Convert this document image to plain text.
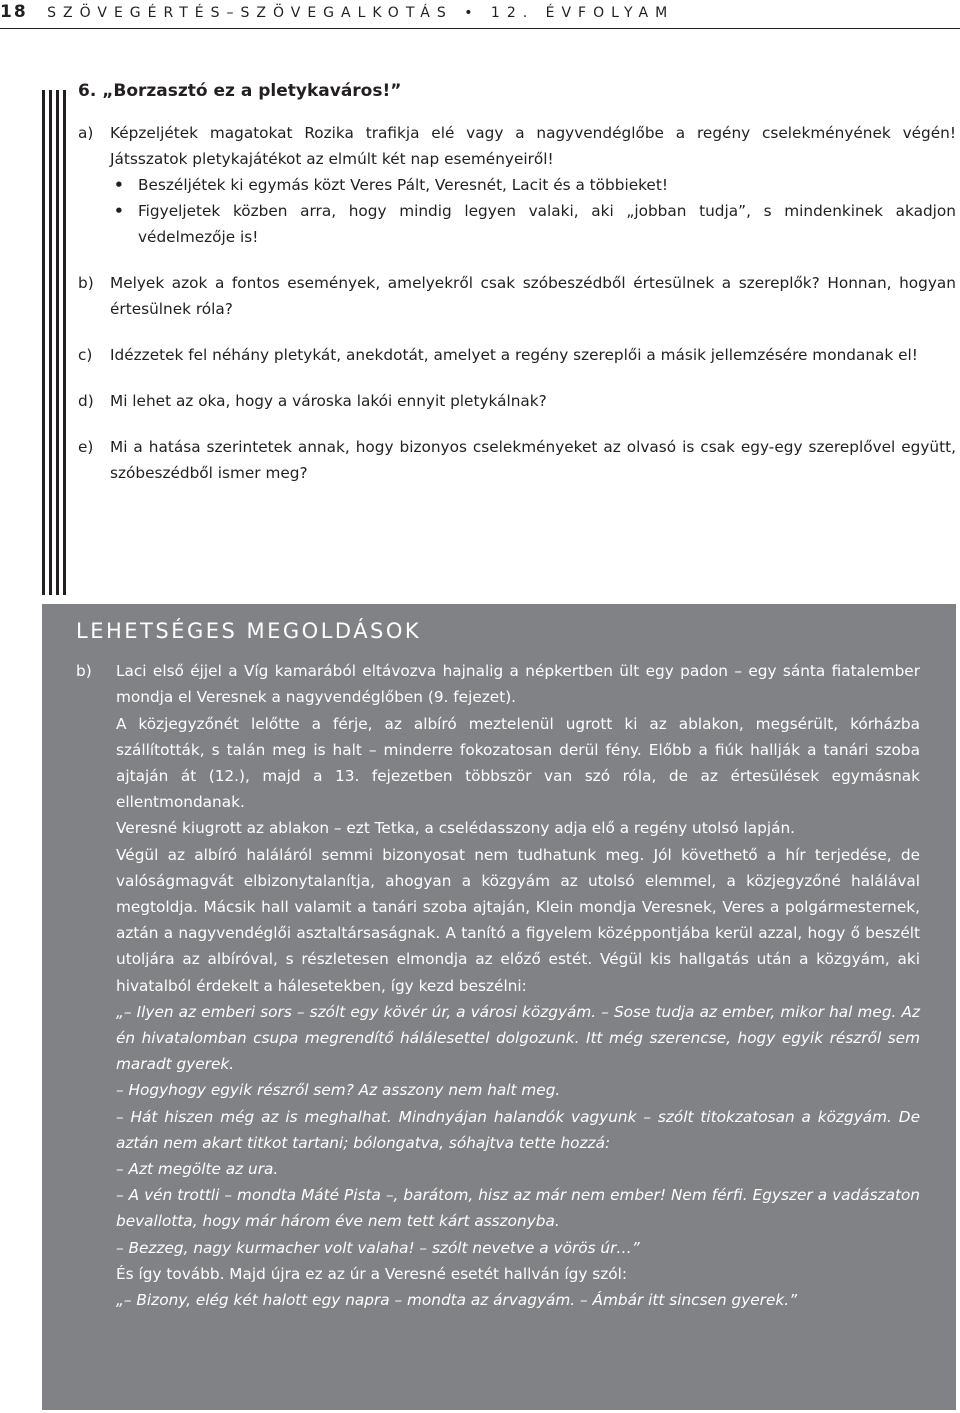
18 SZÖVEGÉRTÉS–SZÖVEGALKOTÁS • 12. ÉVFOLYAM
6. „Borzasztó ez a pletykaváros!”
a)	Képzeljétek magatokat Rozika trafikja elé vagy a nagyvendéglőbe a regény cselekményének végén! Játsszatok pletykajátékot az elmúlt két nap eseményeiről!
• Beszéljétek ki egymás közt Veres Pált, Veresnét, Lacit és a többieket!
• Figyeljetek közben arra, hogy mindig legyen valaki, aki „jobban tudja”, s mindenkinek akadjon védelmezője is!
b)	Melyek azok a fontos események, amelyekről csak szóbeszédből értesülnek a szereplők? Honnan, hogyan értesülnek róla?
c)	Idézzetek fel néhány pletykát, anekdotát, amelyet a regény szereplői a másik jellemzésére mondanak el!
d)	Mi lehet az oka, hogy a városka lakói ennyit pletykálnak?
e)	Mi a hatása szerintetek annak, hogy bizonyos cselekményeket az olvasó is csak egy-egy szereplővel együtt, szóbeszédből ismer meg?
LEHETSÉGES MEGOLDÁSOK
b)	Laci első éjjel a Víg kamarából eltávozva hajnalig a népkertben ült egy padon – egy sánta fiatalember mondja el Veresnek a nagyvendéglőben (9. fejezet).

A közjegyzőnét lelőtte a férje, az albíró meztelenül ugrott ki az ablakon, megsérült, kórházba szállították, s talán meg is halt – minderre fokozatosan derül fény. Előbb a fiúk hallják a tanári szoba ajtaján át (12.), majd a 13. fejezetben többször van szó róla, de az értesülések egymásnak ellentmondanak.

Veresné kiugrott az ablakon – ezt Tetka, a cselédasszony adja elő a regény utolsó lapján.

Végül az albíró haláláról semmi bizonyosat nem tudhatunk meg. Jól követhető a hír terjedése, de valóságmagvát elbizonytalanítja, ahogyan a közgyám az utolsó elemmel, a közjegyzőné halálával megtoldja. Mácsik hall valamit a tanári szoba ajtaján, Klein mondja Veresnek, Veres a polgármesternek, aztán a nagyvendéglői asztaltársaságnak. A tanító a figyelem középpontjába kerül azzal, hogy ő beszélt utoljára az albíróval, s részletesen elmondja az előző estét. Végül kis hallgatás után a közgyám, aki hivatalból érdekelt a hálesetekben, így kezd beszélni:

„– Ilyen az emberi sors – szólt egy kövér úr, a városi közgyám. – Sose tudja az ember, mikor hal meg. Az én hivatalomban csupa megrendítő hálálesettel dolgozunk. Itt még szerencse, hogy egyik részről sem maradt gyerek.

– Hogyhogy egyik részről sem? Az asszony nem halt meg.

– Hát hiszen még az is meghalhat. Mindnyájan halandók vagyunk – szólt titokzatosan a közgyám. De aztán nem akart titkot tartani; bólongatva, sóhajtva tette hozzá:

– Azt megölte az ura.

– A vén trottli – mondta Máté Pista –, barátom, hisz az már nem ember! Nem férfi. Egyszer a vadászaton bevallotta, hogy már három éve nem tett kárt asszonyba.

– Bezzeg, nagy kurmacher volt valaha! – szólt nevetve a vörös úr…”

És így tovább. Majd újra ez az úr a Veresné esetét hallván így szól:

„– Bizony, elég két halott egy napra – mondta az árvagyám. – Ámbár itt sincsen gyerek.”
